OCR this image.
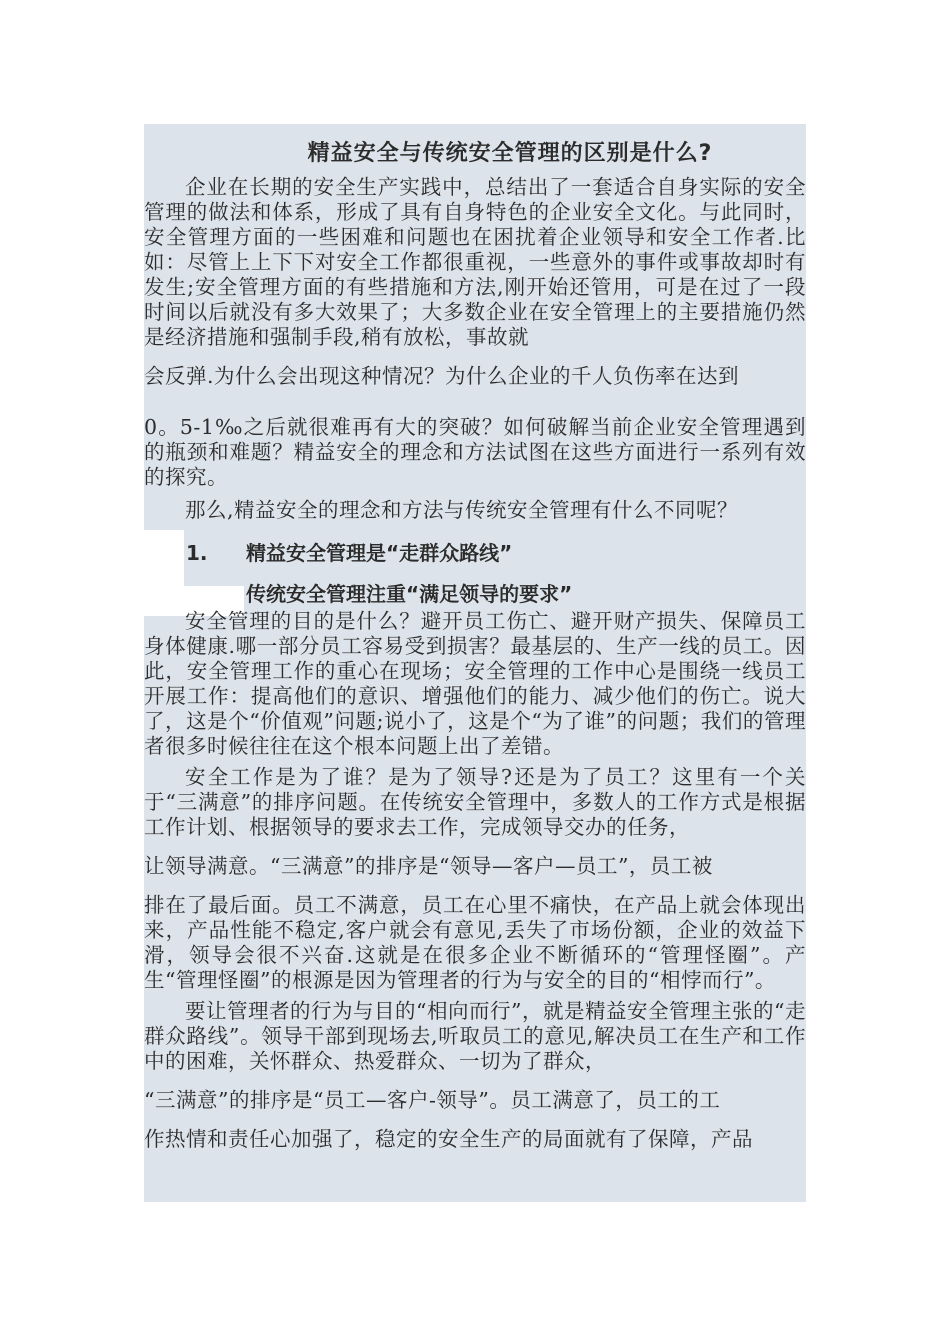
精益安全与传统安全管理的区别是什么?

企业在长期的安全生产实践中，总结出了一套适合自身实际的安全管理的做法和体系，形成了具有自身特色的企业安全文化。与此同时，安全管理方面的一些困难和问题也在困扰着企业领导和安全工作者.比如：尽管上上下下对安全工作都很重视，一些意外的事件或事故却时有发生;安全管理方面的有些措施和方法,刚开始还管用，可是在过了一段时间以后就没有多大效果了；大多数企业在安全管理上的主要措施仍然是经济措施和强制手段,稍有放松，事故就

会反弹.为什么会出现这种情况？为什么企业的千人负伤率在达到

0。5-1‰之后就很难再有大的突破？如何破解当前企业安全管理遇到的瓶颈和难题？精益安全的理念和方法试图在这些方面进行一系列有效的探究。

那么,精益安全的理念和方法与传统安全管理有什么不同呢？

1. 精益安全管理是“走群众路线”
传统安全管理注重“满足领导的要求”

安全管理的目的是什么？避开员工伤亡、避开财产损失、保障员工身体健康.哪一部分员工容易受到损害？最基层的、生产一线的员工。因此，安全管理工作的重心在现场；安全管理的工作中心是围绕一线员工开展工作：提高他们的意识、增强他们的能力、减少他们的伤亡。说大了，这是个“价值观”问题;说小了，这是个“为了谁”的问题；我们的管理者很多时候往往在这个根本问题上出了差错。

安全工作是为了谁？是为了领导?还是为了员工？这里有一个关于“三满意”的排序问题。在传统安全管理中，多数人的工作方式是根据工作计划、根据领导的要求去工作，完成领导交办的任务，

让领导满意。“三满意”的排序是“领导—客户—员工”，员工被

排在了最后面。员工不满意，员工在心里不痛快，在产品上就会体现出来，产品性能不稳定,客户就会有意见,丢失了市场份额，企业的效益下滑，领导会很不兴奋.这就是在很多企业不断循环的“管理怪圈”。产生“管理怪圈”的根源是因为管理者的行为与安全的目的“相悖而行”。

要让管理者的行为与目的“相向而行”，就是精益安全管理主张的“走群众路线”。领导干部到现场去,听取员工的意见,解决员工在生产和工作中的困难，关怀群众、热爱群众、一切为了群众，

“三满意”的排序是“员工—客户-领导”。员工满意了，员工的工

作热情和责任心加强了，稳定的安全生产的局面就有了保障，产品
